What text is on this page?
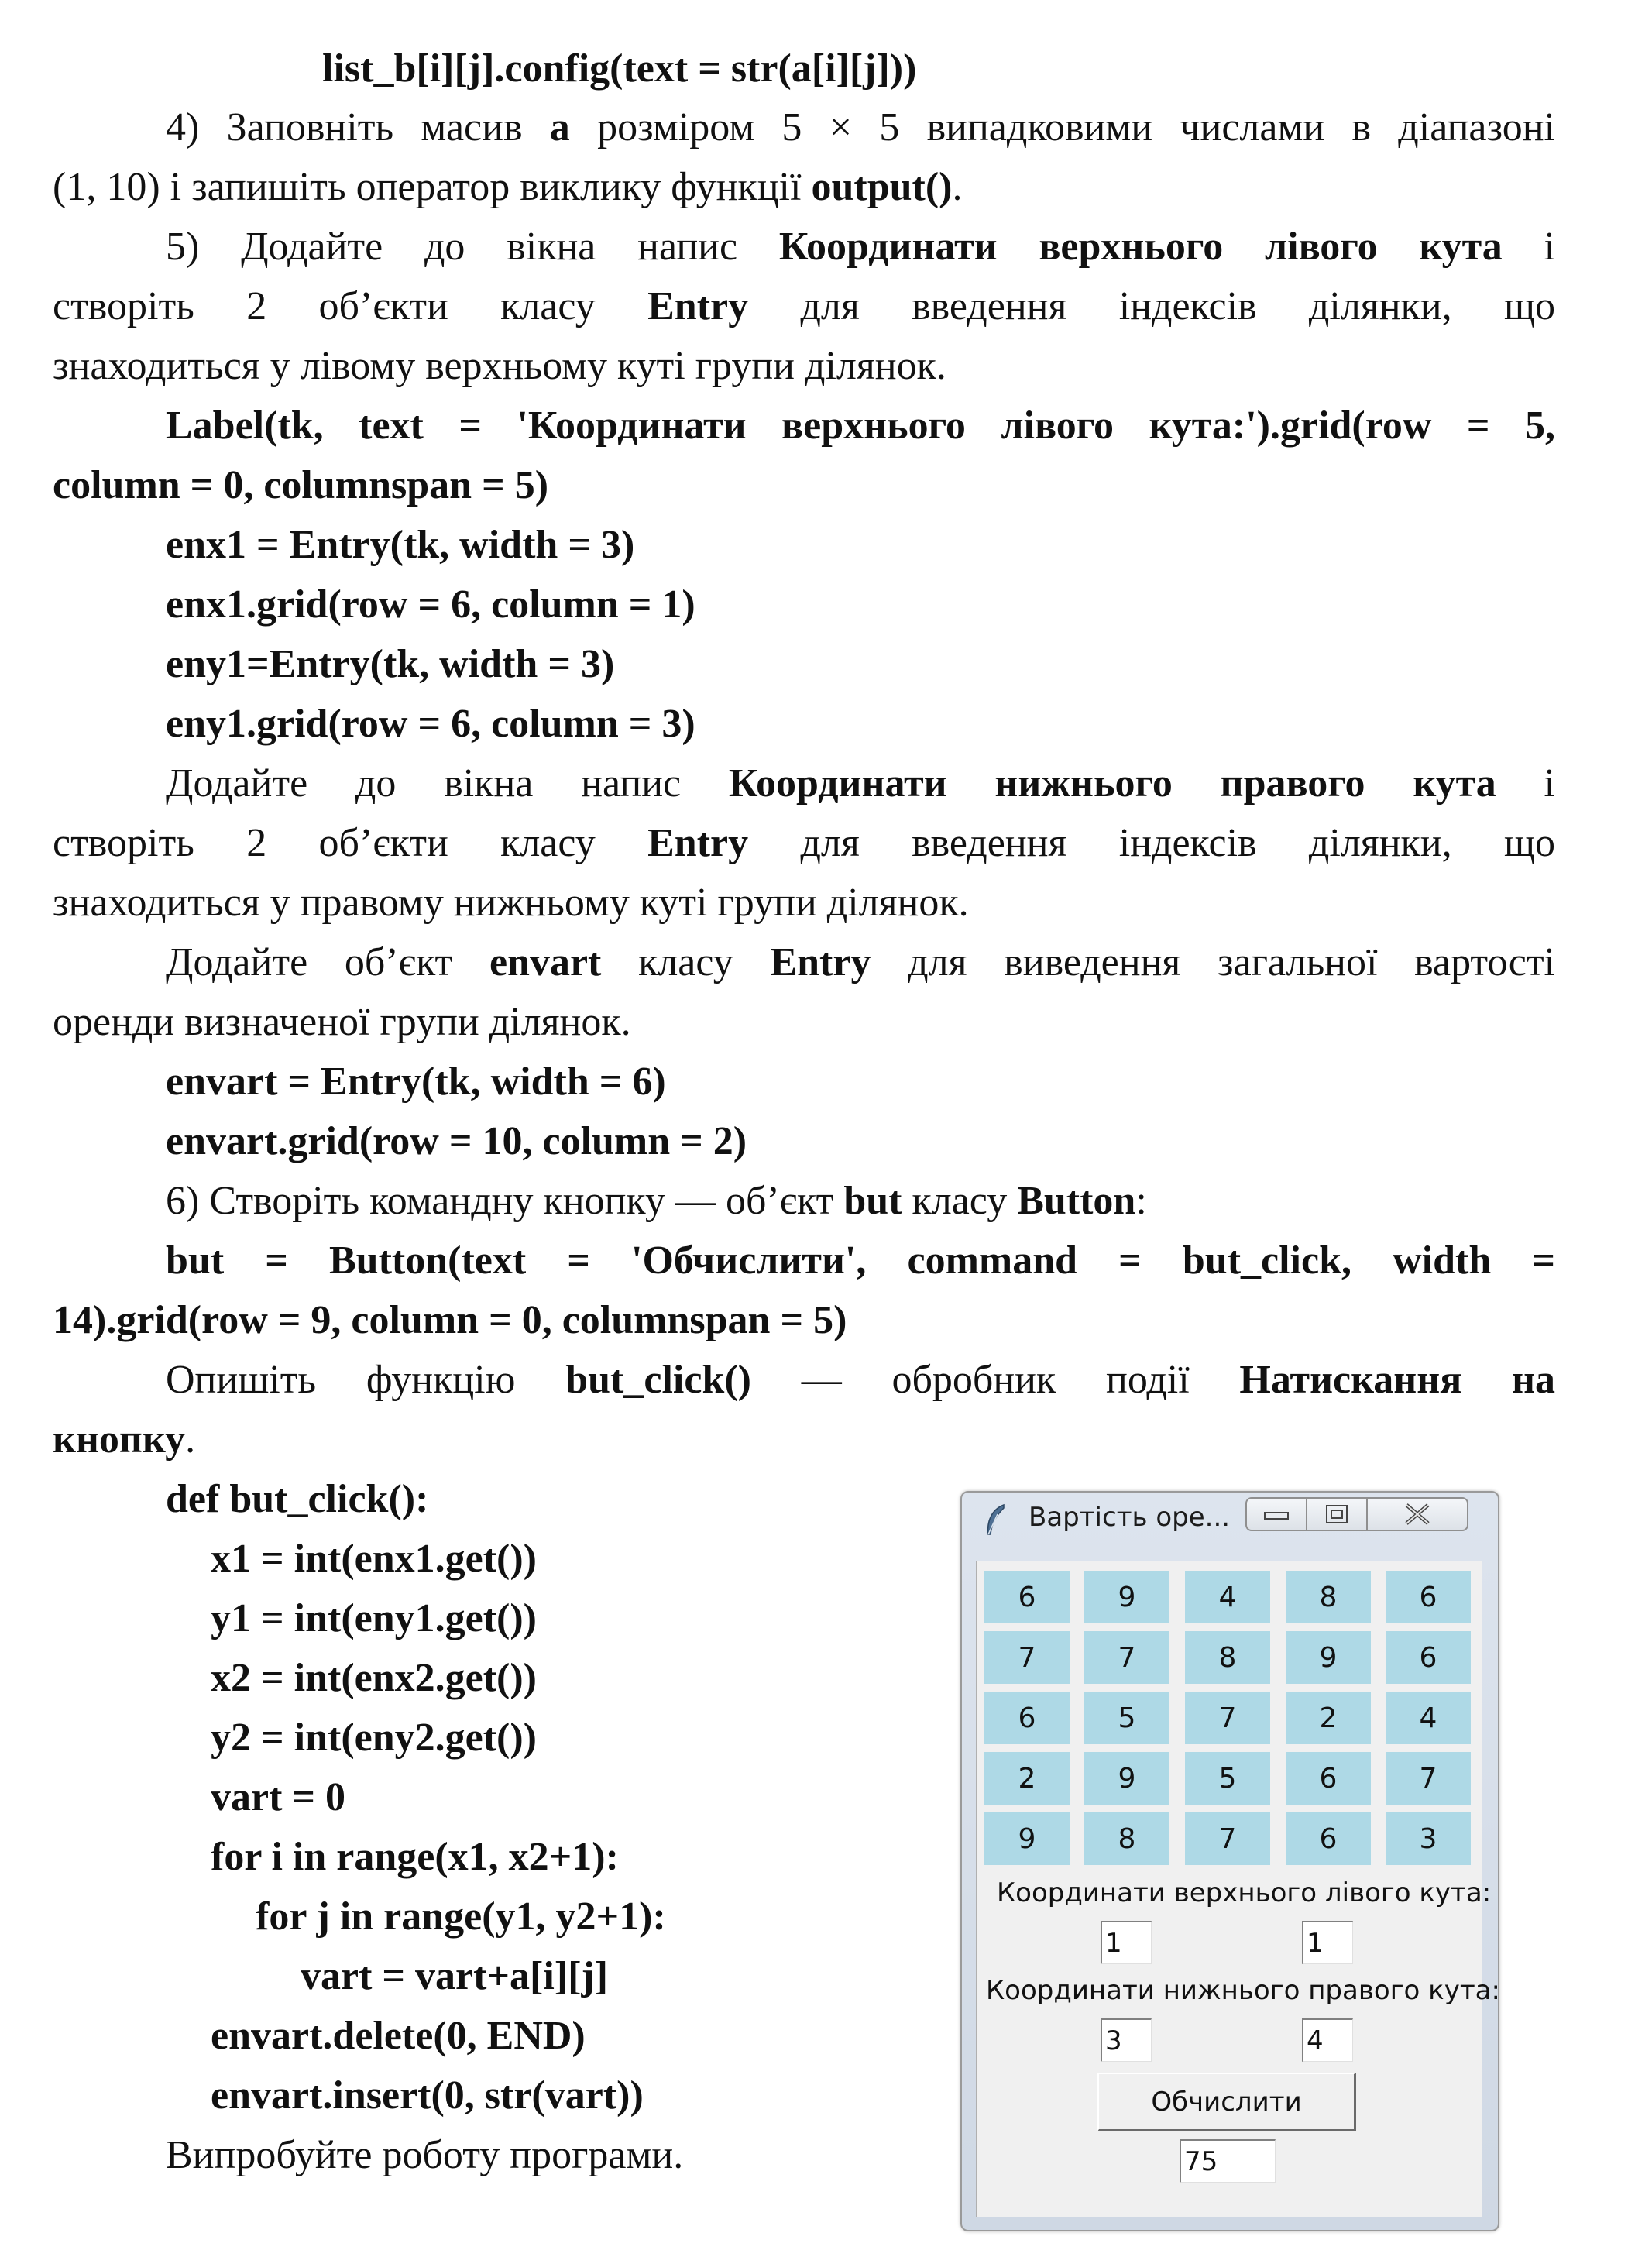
list_b[i][j].config(text = str(a[i][j]))
4) Заповніть масив a розміром 5 × 5 випадковими числами в діапазоні
(1, 10) і запишіть оператор виклику функції output().
5) Додайте до вікна напис Координати верхнього лівого кута і
створіть 2 об’єкти класу Entry для введення індексів ділянки, що
знаходиться у лівому верхньому куті групи ділянок.
Label(tk, text = 'Координати верхнього лівого кута:').grid(row = 5,
column = 0, columnspan = 5)
enx1 = Entry(tk, width = 3)
enx1.grid(row = 6, column = 1)
eny1=Entry(tk, width = 3)
eny1.grid(row = 6, column = 3)
Додайте до вікна напис Координати нижнього правого кута і
створіть 2 об’єкти класу Entry для введення індексів ділянки, що
знаходиться у правому нижньому куті групи ділянок.
Додайте об’єкт envart класу Entry для виведення загальної вартості
оренди визначеної групи ділянок.
envart = Entry(tk, width = 6)
envart.grid(row = 10, column = 2)
6) Створіть командну кнопку — об’єкт but класу Button:
but = Button(text = 'Обчислити', command = but_click, width =
14).grid(row = 9, column = 0, columnspan = 5)
Опишіть функцію but_click() — обробник події Натискання на
кнопку.
def but_click():
x1 = int(enx1.get())
y1 = int(eny1.get())
x2 = int(enx2.get())
y2 = int(eny2.get())
vart = 0
for i in range(x1, x2+1):
for j in range(y1, y2+1):
vart = vart+a[i][j]
envart.delete(0, END)
envart.insert(0, str(vart))
Випробуйте роботу програми.
Вартість оре...
6	9	4	8	6
7	7	8	9	6
6	5	7	2	4
2	9	5	6	7
9	8	7	6	3
Координати верхнього лівого кута:
1	1
Координати нижнього правого кута:
3	4
Обчислити
75
